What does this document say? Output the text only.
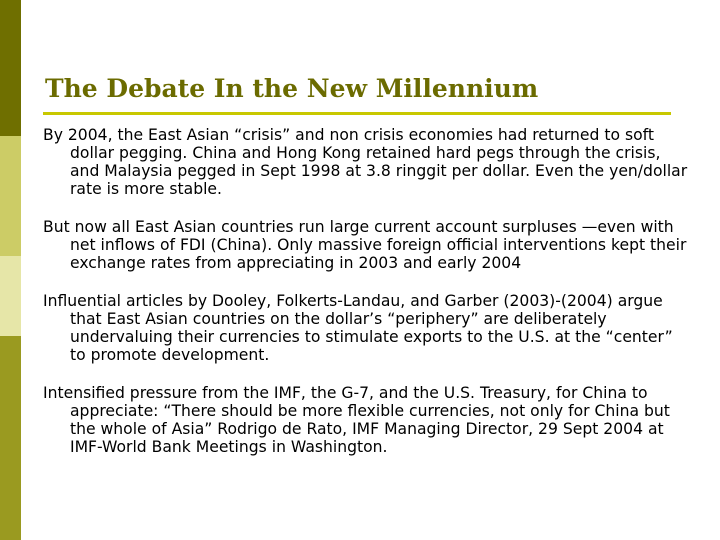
The Debate In the New Millennium

By 2004, the East Asian “crisis” and non crisis economies had returned to soft dollar pegging. China and Hong Kong retained hard pegs through the crisis, and Malaysia pegged in Sept 1998 at 3.8 ringgit per dollar. Even the yen/dollar rate is more stable.

But now all East Asian countries run large current account surpluses —even with net inflows of FDI (China). Only massive foreign official interventions kept their exchange rates from appreciating in 2003 and early 2004

Influential articles by Dooley, Folkerts-Landau, and Garber (2003)-(2004) argue that East Asian countries on the dollar’s “periphery” are deliberately undervaluing their currencies to stimulate exports to the U.S. at the “center” to promote development.

Intensified pressure from the IMF, the G-7, and the U.S. Treasury, for China to appreciate: “There should be more flexible currencies, not only for China but the whole of Asia” Rodrigo de Rato, IMF Managing Director, 29 Sept 2004 at IMF-World Bank Meetings in Washington.
